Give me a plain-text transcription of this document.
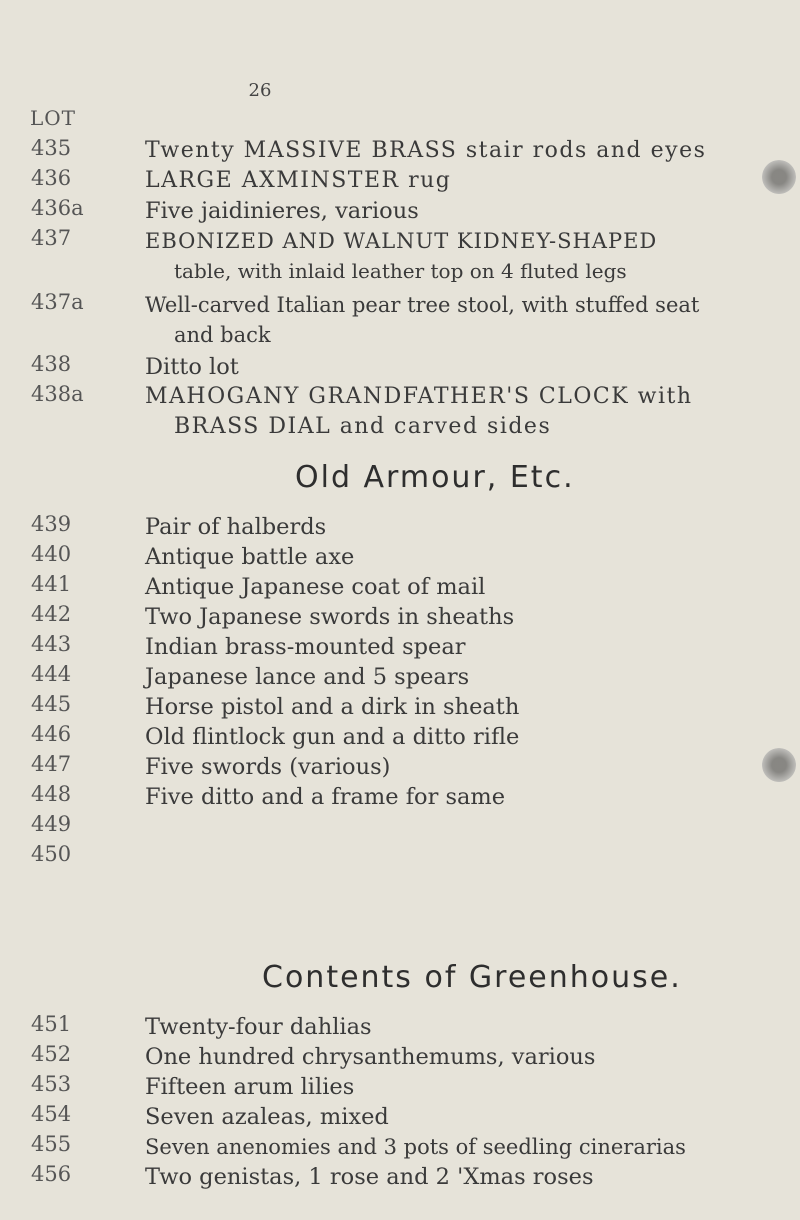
26
LOT
435	Twenty MASSIVE BRASS stair rods and eyes
436	LARGE AXMINSTER rug
436a	Five jaidinieres, various
437	EBONIZED AND WALNUT KIDNEY-SHAPED
table, with inlaid leather top on 4 fluted legs
437a	Well-carved Italian pear tree stool, with stuffed seat
and back
438	Ditto lot
438a	MAHOGANY GRANDFATHER'S CLOCK with
BRASS DIAL and carved sides
Old Armour, Etc.
439	Pair of halberds
440	Antique battle axe
441	Antique Japanese coat of mail
442	Two Japanese swords in sheaths
443	Indian brass-mounted spear
444	Japanese lance and 5 spears
445	Horse pistol and a dirk in sheath
446	Old flintlock gun and a ditto rifle
447	Five swords (various)
448	Five ditto and a frame for same
449
450
Contents of Greenhouse.
451	Twenty-four dahlias
452	One hundred chrysanthemums, various
453	Fifteen arum lilies
454	Seven azaleas, mixed
455	Seven anenomies and 3 pots of seedling cinerarias
456	Two genistas, 1 rose and 2 'Xmas roses
